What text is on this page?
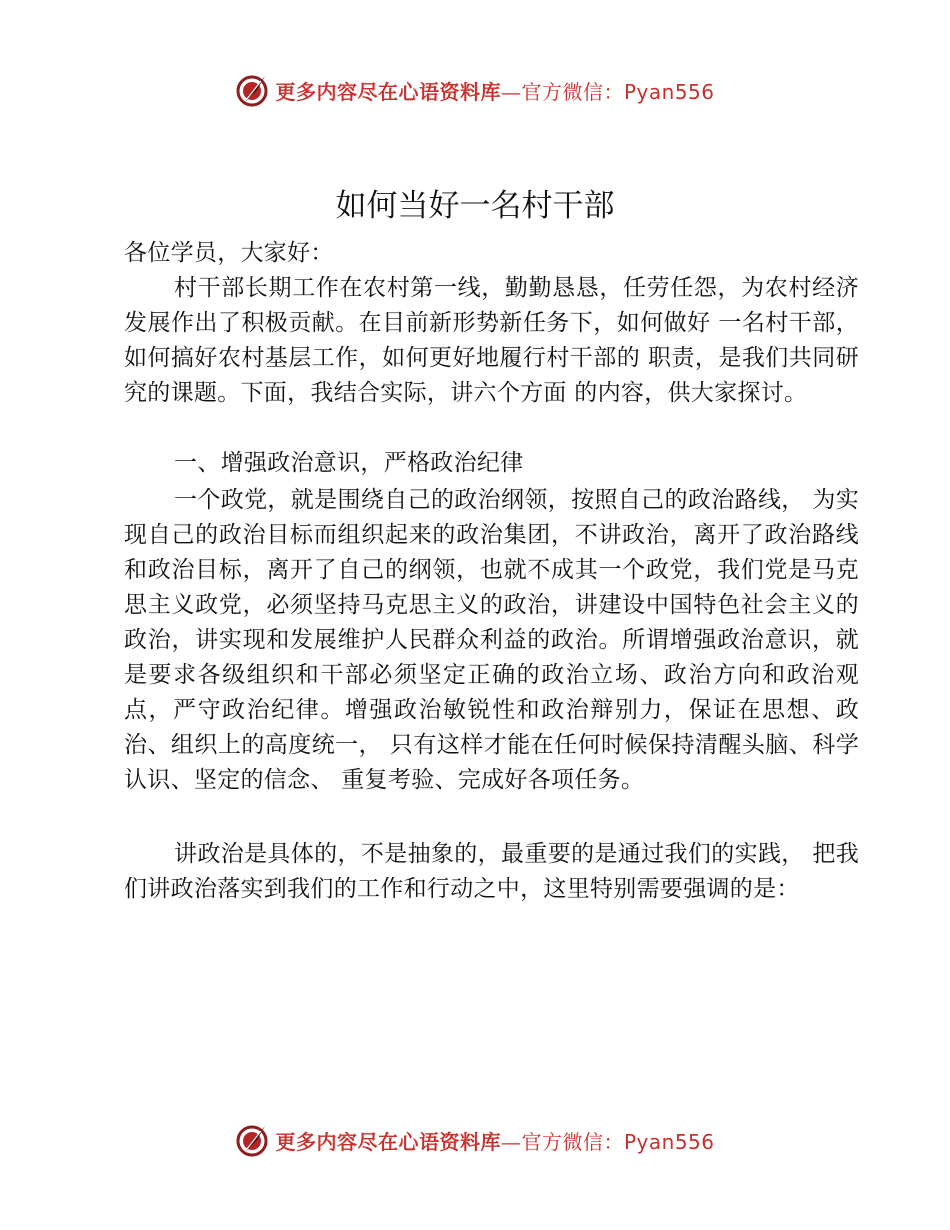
更多内容尽在心语资料库—官方微信：Pyan556
如何当好一名村干部

各位学员，大家好：

村干部长期工作在农村第一线，勤勤恳恳，任劳任怨，为农村经济发展作出了积极贡献。在目前新形势新任务下，如何做好 一名村干部，如何搞好农村基层工作，如何更好地履行村干部的 职责，是我们共同研究的课题。下面，我结合实际，讲六个方面 的内容，供大家探讨。

一、增强政治意识，严格政治纪律

一个政党，就是围绕自己的政治纲领，按照自己的政治路线， 为实现自己的政治目标而组织起来的政治集团，不讲政治，离开了政治路线和政治目标，离开了自己的纲领，也就不成其一个政党，我们党是马克思主义政党，必须坚持马克思主义的政治，讲建设中国特色社会主义的政治，讲实现和发展维护人民群众利益的政治。所谓增强政治意识，就是要求各级组织和干部必须坚定正确的政治立场、政治方向和政治观点，严守政治纪律。增强政治敏锐性和政治辩别力，保证在思想、政治、组织上的高度统一， 只有这样才能在任何时候保持清醒头脑、科学认识、坚定的信念、 重复考验、完成好各项任务。

讲政治是具体的，不是抽象的，最重要的是通过我们的实践， 把我们讲政治落实到我们的工作和行动之中，这里特别需要强调的是：

更多内容尽在心语资料库—官方微信：Pyan556
